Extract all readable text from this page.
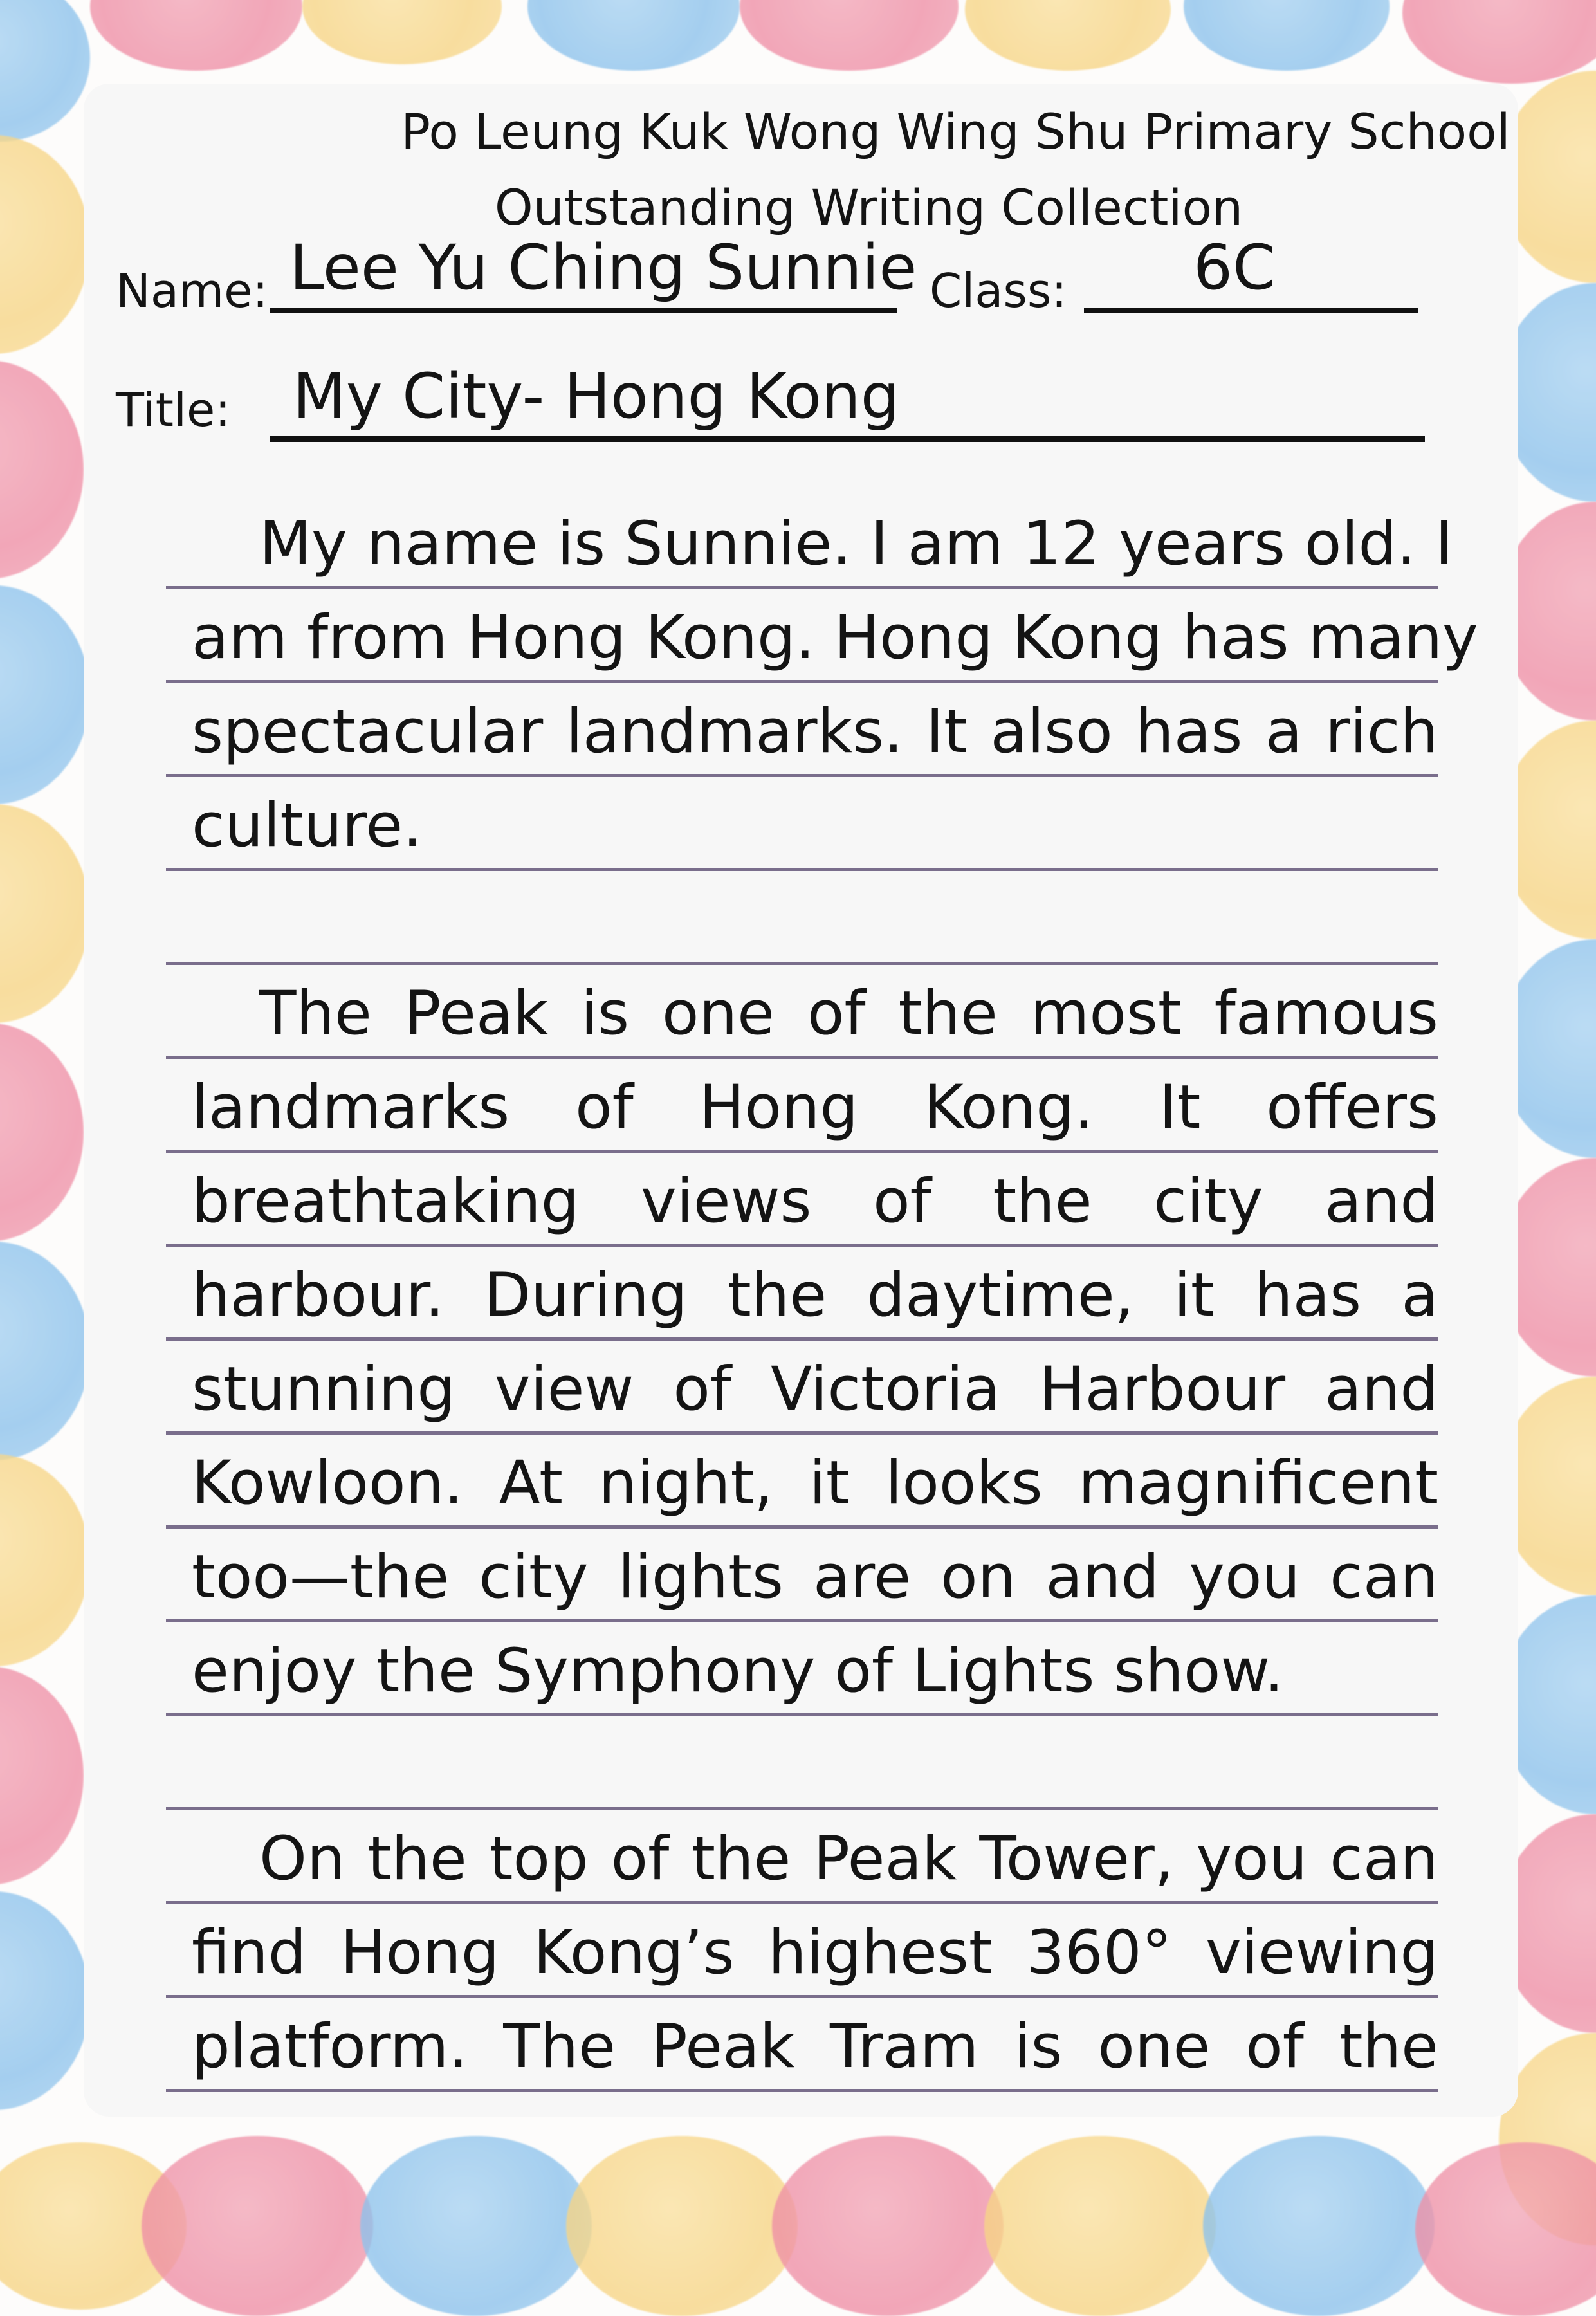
Po Leung Kuk Wong Wing Shu Primary School
Outstanding Writing Collection
Name: Lee Yu Ching Sunnie Class: 6C
Title: My City- Hong Kong
My name is Sunnie. I am 12 years old. I
am from Hong Kong. Hong Kong has many
spectacular landmarks. It also has a rich
culture.
The Peak is one of the most famous
landmarks of Hong Kong. It offers
breathtaking views of the city and
harbour. During the daytime, it has a
stunning view of Victoria Harbour and
Kowloon. At night, it looks magnificent
too—the city lights are on and you can
enjoy the Symphony of Lights show.
On the top of the Peak Tower, you can
find Hong Kong’s highest 360° viewing
platform. The Peak Tram is one of the
